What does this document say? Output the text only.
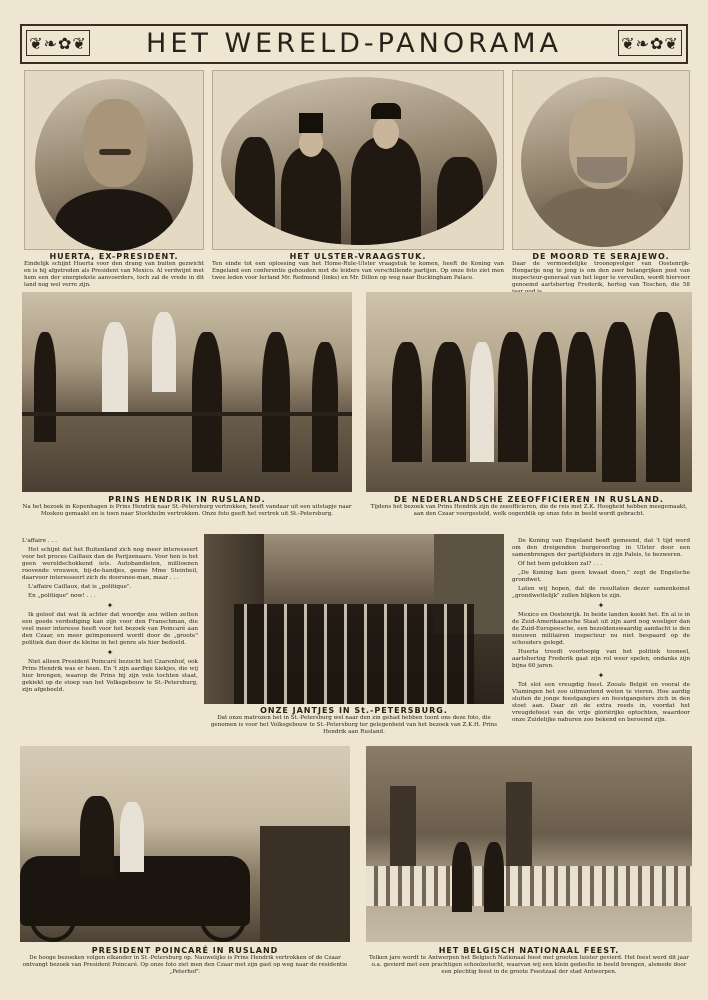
❦❧✿❦	HET WERELD-PANORAMA	❦❧✿❦
HUERTA, EX-PRESIDENT.
Eindelijk schijnt Huerta voor den drang van buiten gezwicht en is hij afgetreden als President van Mexico. Al verdwijnt met hem een der energiekste aanvoerders, toch zal de vrede in dit land nog wel verre zijn.
HET ULSTER-VRAAGSTUK.
Ten einde tot een oplossing van het Home-Rule-Ulster vraagstuk te komen, heeft de Koning van Engeland een conferentie gehouden met de leiders van verschillende partijen. Op onze foto ziet men twee leden voor Ierland Mr. Redmond (links) en Mr. Dillon op weg naar Buckingham Palace.
DE MOORD TE SERAJEWO.
Daar de vermoedelijke troonopvolger van Oostenrijk-Hongarije nog te jong is om den zeer belangrijken post van inspecteur-generaal van het leger te vervullen, wordt hiervoor genoemd aartshertog Frederik, hertog van Teschen, die 58
PRINS HENDRIK IN RUSLAND.
Na het bezoek in Kopenhagen is Prins Hendrik naar St.-Petersburg vertrokken, heeft vandaar uit een uitstapje naar Moskou gemaakt en is toen naar Stockholm vertrokken. Onze foto geeft het vertrek uit St.-Petersburg.
DE NEDERLANDSCHE ZEEOFFICIEREN IN RUSLAND.
Tijdens het bezoek van Prins Hendrik zijn de zeeofficieren, die de reis met Z.K. Hoogheid hebben meegemaakt, aan den Czaar voorgesteld, welk oogenblik op onze foto in beeld wordt gebracht.

L'affaire . . .

Het schijnt dat het Buitenland zich nog meer interesseert voor het proces Caillaux dan de Parijzenaars. Voor hen is het geen wereldschokkend iets. Autobandieten, millioenen roovende vrouwen, bij-de-handjes, geene Mme Steinheil, daarvoor interesseert zich de doorsnee-man, maar . . .

L'affaire Caillaux, dat is „politique".

En „politique" now! . . .

✦

Ik geloof dat wat ik achter dat woordje zou willen zetten een goede verdediging kan zijn voor den Franschman, die veel meer interesse heeft voor het bezoek van Poincaré aan den Czaar, en meer geïmponeerd wordt door de „groote" politiek dan door de kleine in het genre als hier bedoeld.

✦

Niet alleen President Poincaré bezocht het Czarenhof, ook Prins Hendrik was er heen. En 't zijn aardige kiekjes, die wij hier brengen, waarop de Prins bij zijn vele tochten staat, gekiekt op de stoep van het Volksgebouw te St.-Petersburg, zijn afgebeeld.

ONZE JANTJES IN St.-PETERSBURG.
Dat onze matrozen het in St.-Petersburg wel naar den zin gehad hebben toont ons deze foto, die genomen is voor het Volksgebouw te St.-Petersburg ter gelegenheid van het bezoek van Z.K.H. Prins Hendrik aan Rusland.

De Koning van Engeland heeft gemeend, dat 't tijd werd om den dreigenden burgeroorlog in Ulster door een samenbrengen der partijleiders in zijn Paleis, te bezweren.

Of het hem gelukken zal? . . .

„De Koning kan geen kwaad doen," zegt de Engelsche grondwet.

Laten wij hopen, dat de resultaten dezer samenkomst „grondwettelijk" zullen blijken te zijn.

✦

Mexico en Oostenrijk. In beide landen kookt het. En al is in de Zuid-Amerikaansche Staat uit zijn aard nog woeliger dan de Zuid-Europeesche, een bezoldenswaardig aandacht is den nieuwen militairen inspecteur nu niet bespaard op de schouders gelegd.

Huerta treedt voorloopig van het politiek tooneel, aartshertog Frederik gaat zijn rol weer spelen, ondanks zijn bijna 60 jaren.

✦

Tot slot een vreugdig feest. Zooals België en vooral de Vlamingen het zoo uitmuntend weten te vieren. Hoe aardig sluiten de jonge feestgangers en feestgangsters zich in den stoet aan. Daar zit de extra reeds in, voordat het vreugdefeest van de vrije gloriërijke optochten, waardoor onze Zuidelijke naburen zoo bekend en beroemd zijn.

PRESIDENT POINCARÉ IN RUSLAND
De hooge bezoeken volgen elkander in St.-Petersburg op. Nauwelijks is Prins Hendrik vertrokken of de Czaar ontvangt bezoek van President Poincaré. Op onze foto ziet men den Czaar met zijn gast op weg naar de residentie „Peterhof".
HET BELGISCH NATIONAAL FEEST.
Telken jare wordt te Antwerpen het Belgisch Nationaal feest met grooten luister gevierd. Het feest werd dit jaar o.a. gevierd met een prachtigen schoolzotocht, waarvan wij een klein gedeelte in beeld brengen, alsmede door een plechtig feest in de groote Feestzaal der stad Antwerpen.
